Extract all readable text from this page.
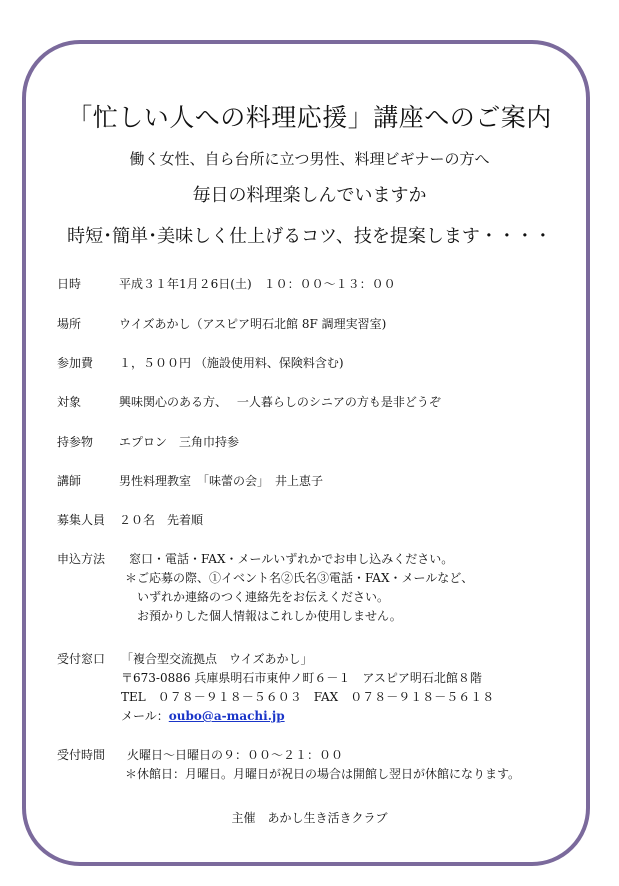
「忙しい人への料理応援」講座へのご案内
働く女性、自ら台所に立つ男性、料理ビギナーの方へ
毎日の料理楽しんでいますか
時短･簡単･美味しく仕上げるコツ、技を提案します・・・・
日時	平成３１年1月２6日(土)　１０：００～１３：００
場所	ウイズあかし（アスピア明石北館 8F 調理実習室)
参加費 １，５００円 （施設使用料、保険料含む)
対象	興味関心のある方、　 一人暮らしのシニアの方も是非どうぞ
持参物 エプロン　三角巾持参
講師	男性料理教室　「味蕾の会」　井上恵子
募集人員 ２０名　先着順
申込方法 窓口・電話・FAX・メールいずれかでお申し込みください。
＊ご応募の際、①イベント名②氏名③電話・FAX・メールなど、
いずれか連絡のつく連絡先をお伝えください。
お預かりした個人情報はこれしか使用しません。
受付窓口 「複合型交流拠点　ウイズあかし」
〒673-0886 兵庫県明石市東仲ノ町６－１　アスピア明石北館８階
TEL　０７８－９１８－５６０３　FAX　０７８－９１８－５６１８
メール：oubo@a-machi.jp
受付時間 火曜日～日曜日の９：００～２１：００
＊休館日：月曜日。月曜日が祝日の場合は開館し翌日が休館になります。
主催　あかし生き活きクラブ
